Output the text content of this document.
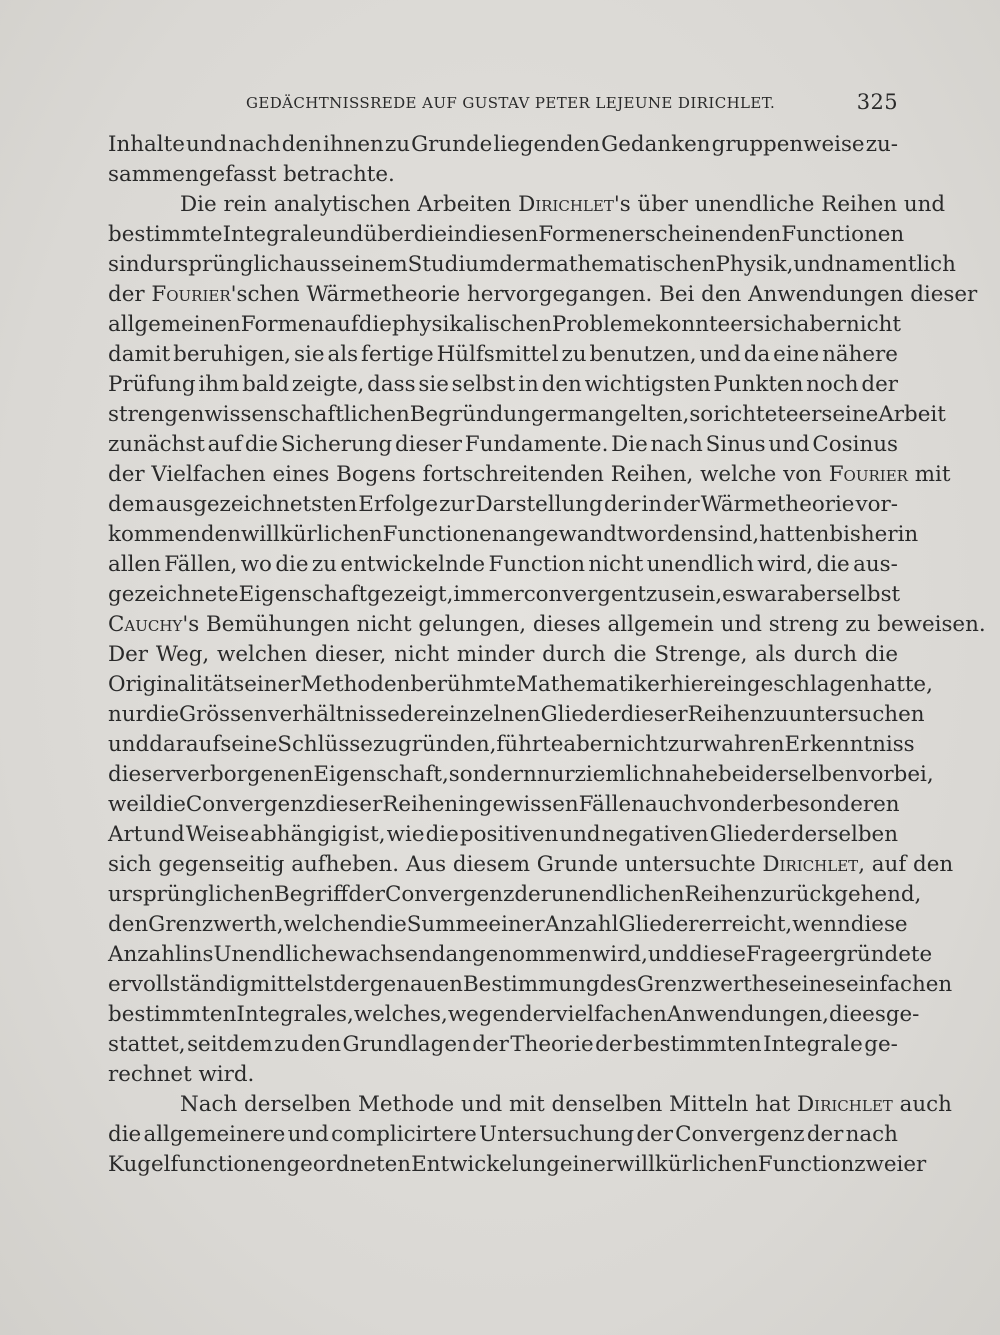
GEDÄCHTNISSREDE AUF GUSTAV PETER LEJEUNE DIRICHLET.	325
Inhalte und nach den ihnen zu Grunde liegenden Gedanken gruppenweise zu-
sammengefasst betrachte.
Die rein analytischen Arbeiten Dirichlet's über unendliche Reihen und
bestimmte Integrale und über die in diesen Formen erscheinenden Functionen
sind ursprünglich aus seinem Studium der mathematischen Physik, und namentlich
der Fourier'schen Wärmetheorie hervorgegangen. Bei den Anwendungen dieser
allgemeinen Formen auf die physikalischen Probleme konnte er sich aber nicht
damit beruhigen, sie als fertige Hülfsmittel zu benutzen, und da eine nähere
Prüfung ihm bald zeigte, dass sie selbst in den wichtigsten Punkten noch der
strengen wissenschaftlichen Begründung ermangelten, so richtete er seine Arbeit
zunächst auf die Sicherung dieser Fundamente. Die nach Sinus und Cosinus
der Vielfachen eines Bogens fortschreitenden Reihen, welche von Fourier mit
dem ausgezeichnetsten Erfolge zur Darstellung der in der Wärmetheorie vor-
kommenden willkürlichen Functionen angewandt worden sind, hatten bisher in
allen Fällen, wo die zu entwickelnde Function nicht unendlich wird, die aus-
gezeichnete Eigenschaft gezeigt, immer convergent zu sein, es war aber selbst
Cauchy's Bemühungen nicht gelungen, dieses allgemein und streng zu beweisen.
Der Weg, welchen dieser, nicht minder durch die Strenge, als durch die
Originalität seiner Methoden berühmte Mathematiker hier eingeschlagen hatte,
nur die Grössenverhältnisse der einzelnen Glieder dieser Reihen zu untersuchen
und darauf seine Schlüsse zu gründen, führte aber nicht zur wahren Erkenntniss
dieser verborgenen Eigenschaft, sondern nur ziemlich nahe bei derselben vorbei,
weil die Convergenz dieser Reihen in gewissen Fällen auch von der besonderen
Art und Weise abhängig ist, wie die positiven und negativen Glieder derselben
sich gegenseitig aufheben. Aus diesem Grunde untersuchte Dirichlet, auf den
ursprünglichen Begriff der Convergenz der unendlichen Reihen zurückgehend,
den Grenzwerth, welchen die Summe einer Anzahl Glieder erreicht, wenn diese
Anzahl ins Unendliche wachsend angenommen wird, und diese Frage ergründete
er vollständig mittelst der genauen Bestimmung des Grenzwerthes eines einfachen
bestimmten Integrales, welches, wegen der vielfachen Anwendungen, die es ge-
stattet, seitdem zu den Grundlagen der Theorie der bestimmten Integrale ge-
rechnet wird.
Nach derselben Methode und mit denselben Mitteln hat Dirichlet auch
die allgemeinere und complicirtere Untersuchung der Convergenz der nach
Kugelfunctionen geordneten Entwickelung einer willkürlichen Function zweier
